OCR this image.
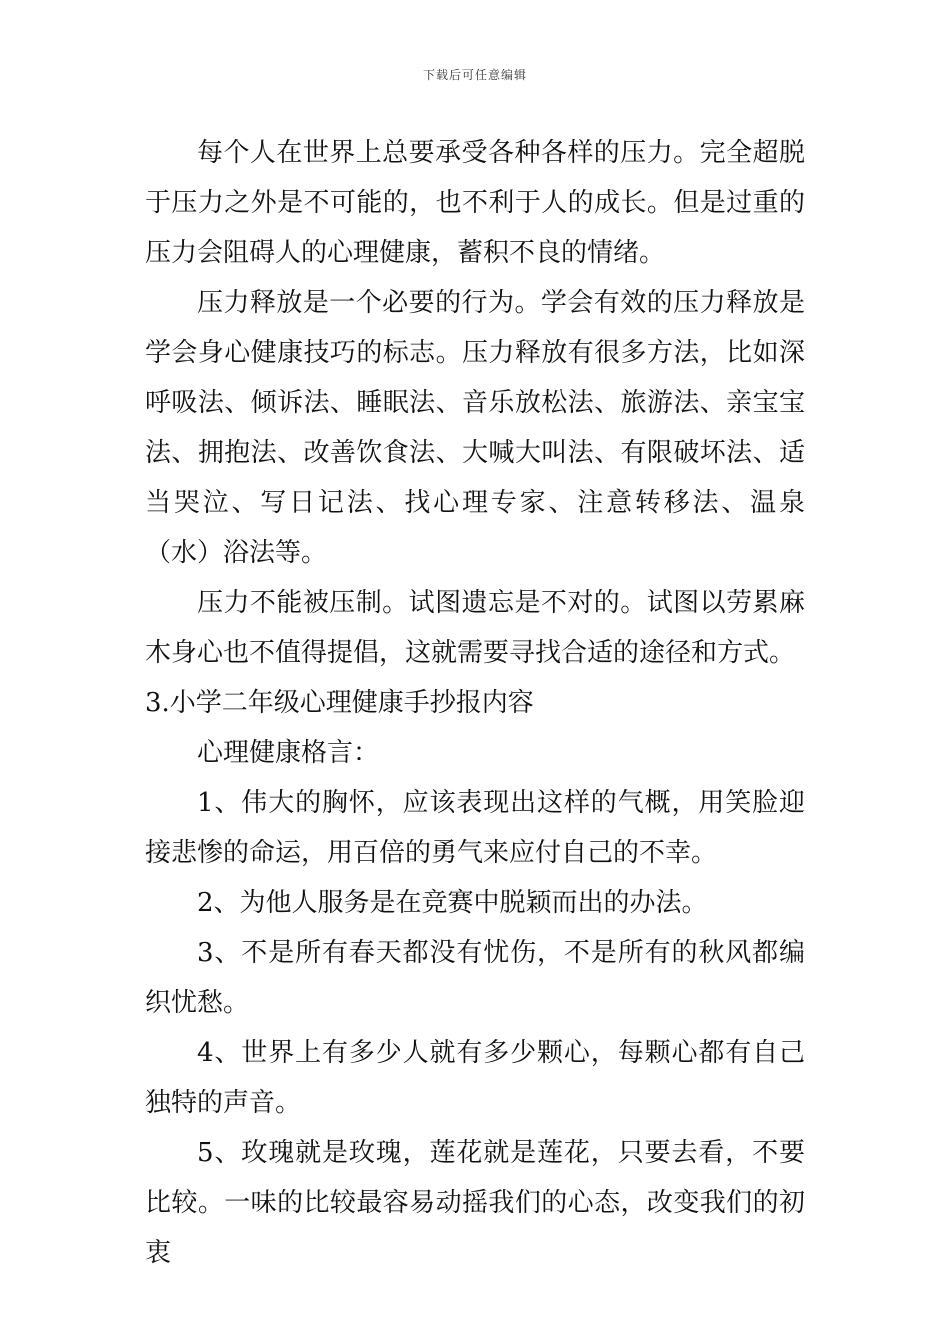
下载后可任意编辑

每个人在世界上总要承受各种各样的压力。完全超脱于压力之外是不可能的，也不利于人的成长。但是过重的压力会阻碍人的心理健康，蓄积不良的情绪。

压力释放是一个必要的行为。学会有效的压力释放是学会身心健康技巧的标志。压力释放有很多方法，比如深呼吸法、倾诉法、睡眠法、音乐放松法、旅游法、亲宝宝法、拥抱法、改善饮食法、大喊大叫法、有限破坏法、适当哭泣、写日记法、找心理专家、注意转移法、温泉（水）浴法等。

压力不能被压制。试图遗忘是不对的。试图以劳累麻木身心也不值得提倡，这就需要寻找合适的途径和方式。

3.小学二年级心理健康手抄报内容

心理健康格言：

1、伟大的胸怀，应该表现出这样的气概，用笑脸迎接悲惨的命运，用百倍的勇气来应付自己的不幸。

2、为他人服务是在竞赛中脱颖而出的办法。

3、不是所有春天都没有忧伤，不是所有的秋风都编织忧愁。

4、世界上有多少人就有多少颗心，每颗心都有自己独特的声音。

5、玫瑰就是玫瑰，莲花就是莲花，只要去看，不要比较。一味的比较最容易动摇我们的心态，改变我们的初衷
